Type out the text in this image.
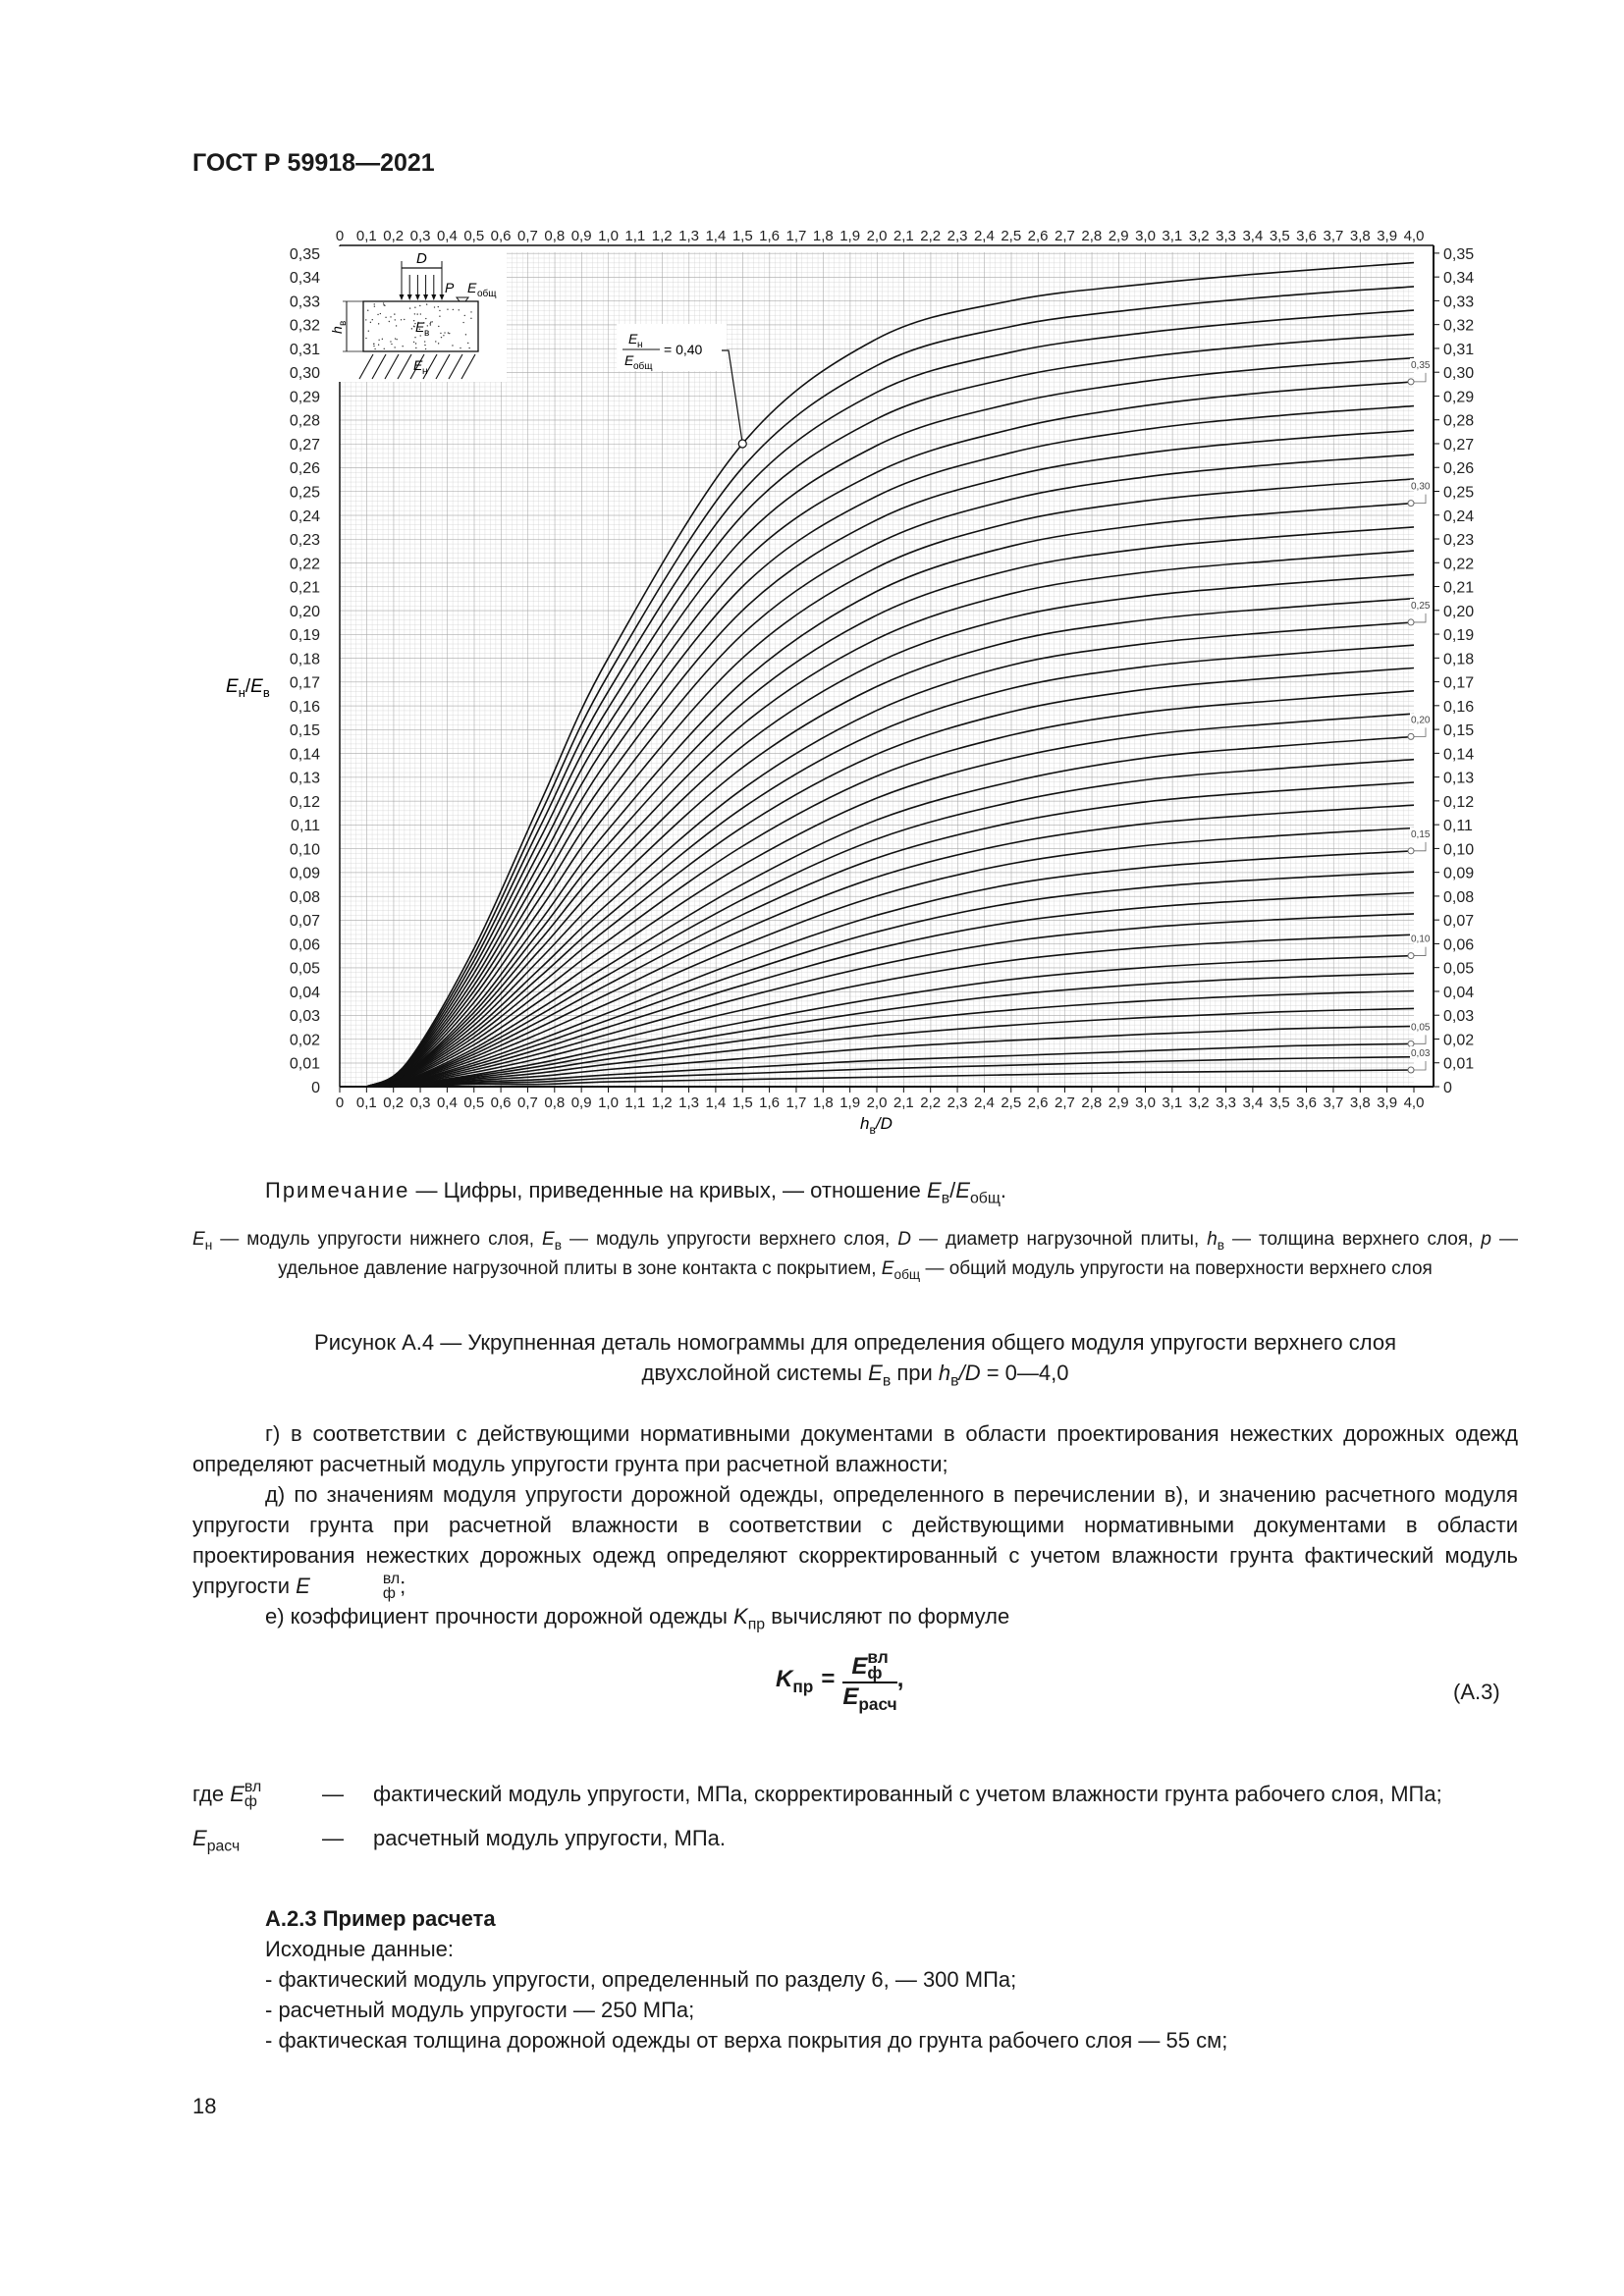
ГОСТ Р 59918—2021
0
0
0,1
0,1
0,2
0,2
0,3
0,3
0,4
0,4
0,5
0,5
0,6
0,6
0,7
0,7
0,8
0,8
0,9
0,9
1,0
1,0
1,1
1,1
1,2
1,2
1,3
1,3
1,4
1,4
1,5
1,5
1,6
1,6
1,7
1,7
1,8
1,8
1,9
1,9
2,0
2,0
2,1
2,1
2,2
2,2
2,3
2,3
2,4
2,4
2,5
2,5
2,6
2,6
2,7
2,7
2,8
2,8
2,9
2,9
3,0
3,0
3,1
3,1
3,2
3,2
3,3
3,3
3,4
3,4
3,5
3,5
3,6
3,6
3,7
3,7
3,8
3,8
3,9
3,9
4,0
4,0
0	0
0,01	0,01
0,02	0,02
0,03	0,03
0,04	0,04
0,05	0,05
0,06	0,06
0,07	0,07
0,08	0,08
0,09	0,09
0,10	0,10
0,11	0,11
0,12	0,12
0,13	0,13
0,14	0,14
0,15	0,15
0,16	0,16
0,17	0,17
0,18	0,18
0,19	0,19
0,20	0,20
0,21	0,21
0,22	0,22
0,23	0,23
0,24	0,24
0,25	0,25
0,26	0,26
0,27	0,27
0,28	0,28
0,29	0,29
0,30	0,30
0,31	0,31
0,32	0,32
0,33	0,33
0,34	0,34
0,35	0,35
0,35
0,30
0,25
0,20
0,15
0,10
0,05
0,03
D
P E общ
h
в	E в
E н
E н
E общ
= 0,40
$E_н/E_в$
$h_в/D$
Примечание — Цифры, приведенные на кривых, — отношение $E_в/E_{общ}$.
$E_н$ — модуль упругости нижнего слоя, $E_в$ — модуль упругости верхнего слоя, D — диаметр нагрузочной плиты, $h_в$ — толщина верхнего слоя, p — удельное давление нагрузочной плиты в зоне контакта с покрытием, $E_{общ}$ — общий модуль упругости на поверхности верхнего слоя
Рисунок А.4 — Укрупненная деталь номограммы для определения общего модуля упругости верхнего слоя
двухслойной системы $E_в$ при $h_в/D$ = 0—4,0
г) в соответствии с действующими нормативными документами в области проектирования нежестких дорожных одежд определяют расчетный модуль упругости грунта при расчетной влажности;
д) по значениям модуля упругости дорожной одежды, определенного в перечислении в), и значению расчетного модуля упругости грунта при расчетной влажности в соответствии с действующими нормативными документами в области проектирования нежестких дорожных одежд определяют скорректированный с учетом влажности грунта фактический модуль упругости E	вл
ф ;
е) коэффициент прочности дорожной одежды $K_{пр}$ вычисляют по формуле
$K_{пр} = E$ вл
ф
$E_{расч}$ ,	(А.3)
где E вл
ф	—	фактический модуль упругости, МПа, скорректированный с учетом влажности грунта рабочего слоя, МПа;
$E_{расч}$	—	расчетный модуль упругости, МПа.
А.2.3 Пример расчета
Исходные данные:
- фактический модуль упругости, определенный по разделу 6, — 300 МПа;
- расчетный модуль упругости — 250 МПа;
- фактическая толщина дорожной одежды от верха покрытия до грунта рабочего слоя — 55 см;
18
